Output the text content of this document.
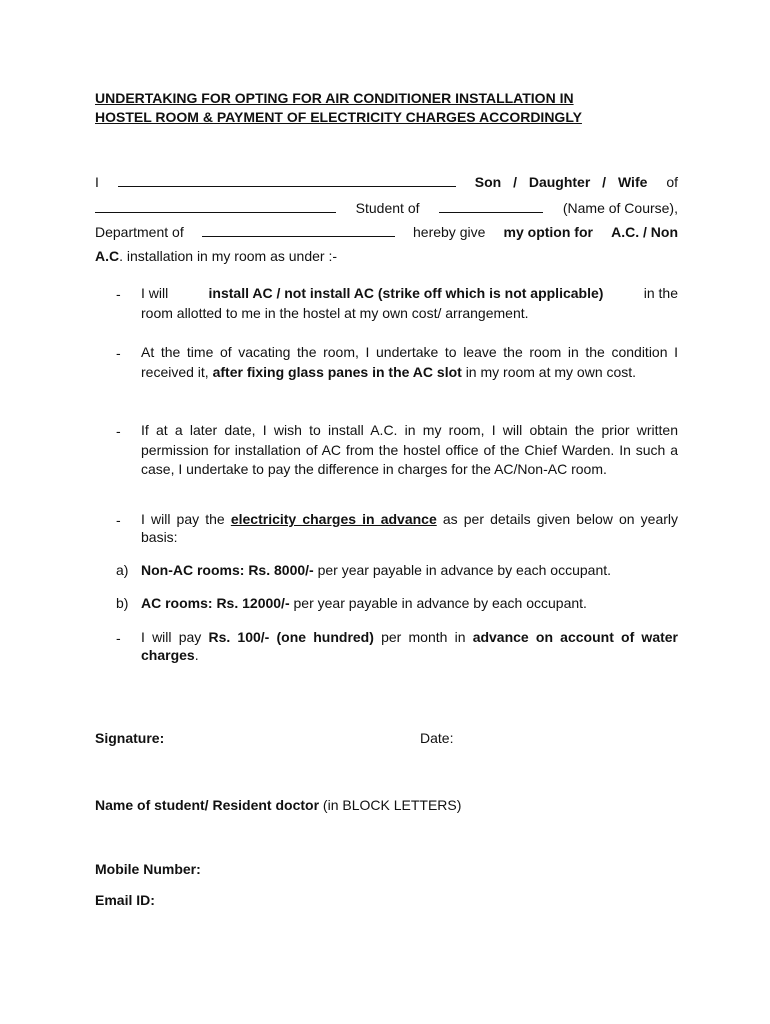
UNDERTAKING FOR OPTING FOR AIR CONDITIONER INSTALLATION IN
HOSTEL ROOM & PAYMENT OF ELECTRICITY CHARGES ACCORDINGLY
I	Son / Daughter / Wife of
Student of	(Name of Course),
Department of	hereby give my option for A.C. / Non
A.C. installation in my room as under :-
- I will	install AC / not install AC (strike off which is not applicable)	in the
room allotted to me in the hostel at my own cost/ arrangement.
- At the time of vacating the room, I undertake to leave the room in the condition I received it, after fixing glass panes in the AC slot in my room at my own cost.
- If at a later date, I wish to install A.C. in my room, I will obtain the prior written permission for installation of AC from the hostel office of the Chief Warden. In such a case, I undertake to pay the difference in charges for the AC/Non-AC room.
- I will pay the electricity charges in advance as per details given below on yearly basis:
a) Non-AC rooms: Rs. 8000/- per year payable in advance by each occupant.
b) AC rooms: Rs. 12000/- per year payable in advance by each occupant.
- I will pay Rs. 100/- (one hundred) per month in advance on account of water charges.
Signature:	Date:
Name of student/ Resident doctor (in BLOCK LETTERS)
Mobile Number:
Email ID:
